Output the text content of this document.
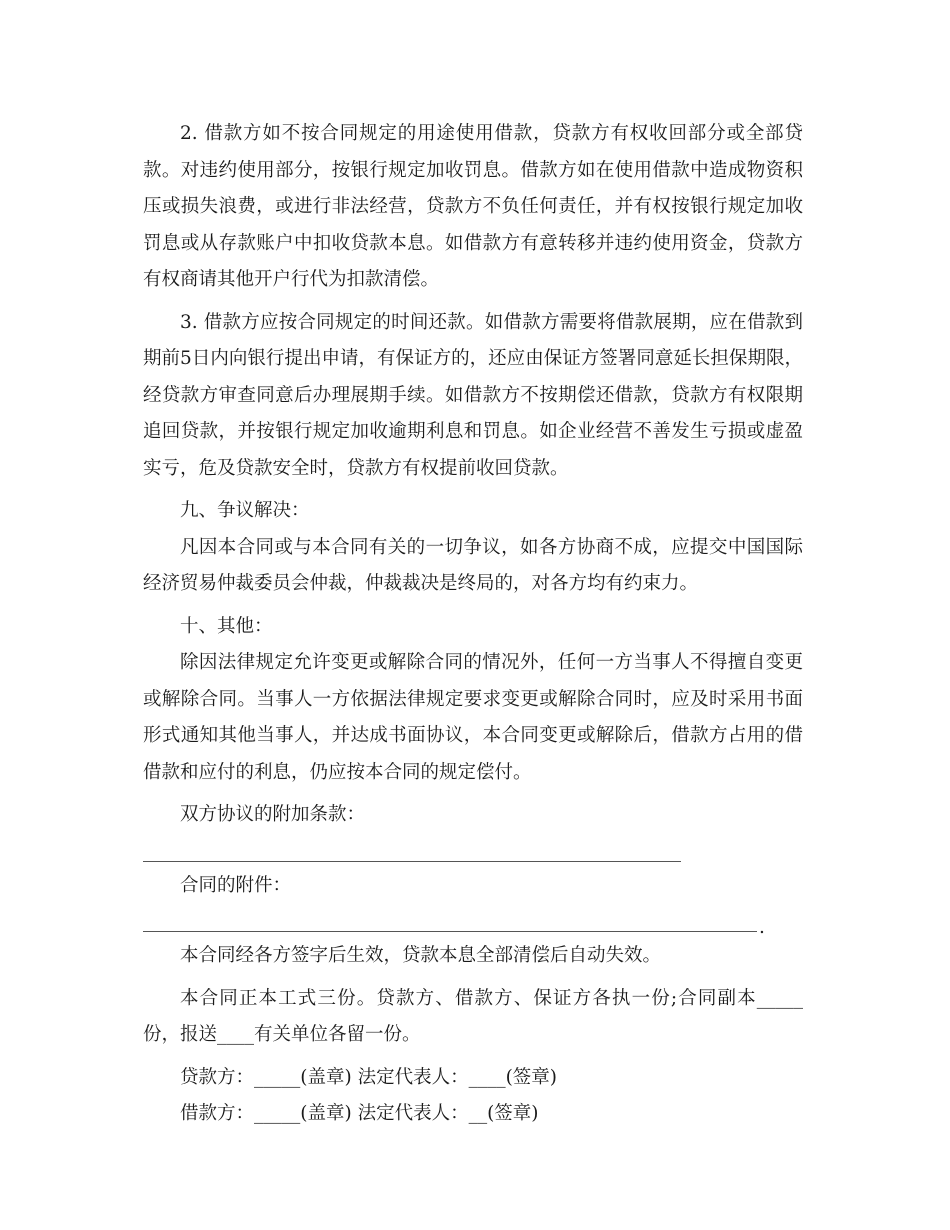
2. 借款方如不按合同规定的用途使用借款，贷款方有权收回部分或全部贷款。对违约使用部分，按银行规定加收罚息。借款方如在使用借款中造成物资积压或损失浪费，或进行非法经营，贷款方不负任何责任，并有权按银行规定加收罚息或从存款账户中扣收贷款本息。如借款方有意转移并违约使用资金，贷款方有权商请其他开户行代为扣款清偿。

3. 借款方应按合同规定的时间还款。如借款方需要将借款展期，应在借款到期前5日内向银行提出申请，有保证方的，还应由保证方签署同意延长担保期限，经贷款方审查同意后办理展期手续。如借款方不按期偿还借款，贷款方有权限期追回贷款，并按银行规定加收逾期利息和罚息。如企业经营不善发生亏损或虚盈实亏，危及贷款安全时，贷款方有权提前收回贷款。

九、争议解决：

凡因本合同或与本合同有关的一切争议，如各方协商不成，应提交中国国际经济贸易仲裁委员会仲裁，仲裁裁决是终局的，对各方均有约束力。

十、其他：

除因法律规定允许变更或解除合同的情况外，任何一方当事人不得擅自变更或解除合同。当事人一方依据法律规定要求变更或解除合同时，应及时采用书面形式通知其他当事人，并达成书面协议，本合同变更或解除后，借款方占用的借借款和应付的利息，仍应按本合同的规定偿付。

双方协议的附加条款：

合同的附件：

.

本合同经各方签字后生效，贷款本息全部清偿后自动失效。

本合同正本工式三份。贷款方、借款方、保证方各执一份;合同副本_____份，报送____有关单位各留一份。

贷款方：_____(盖章) 法定代表人：____(签章)

借款方：_____(盖章) 法定代表人：__(签章)
